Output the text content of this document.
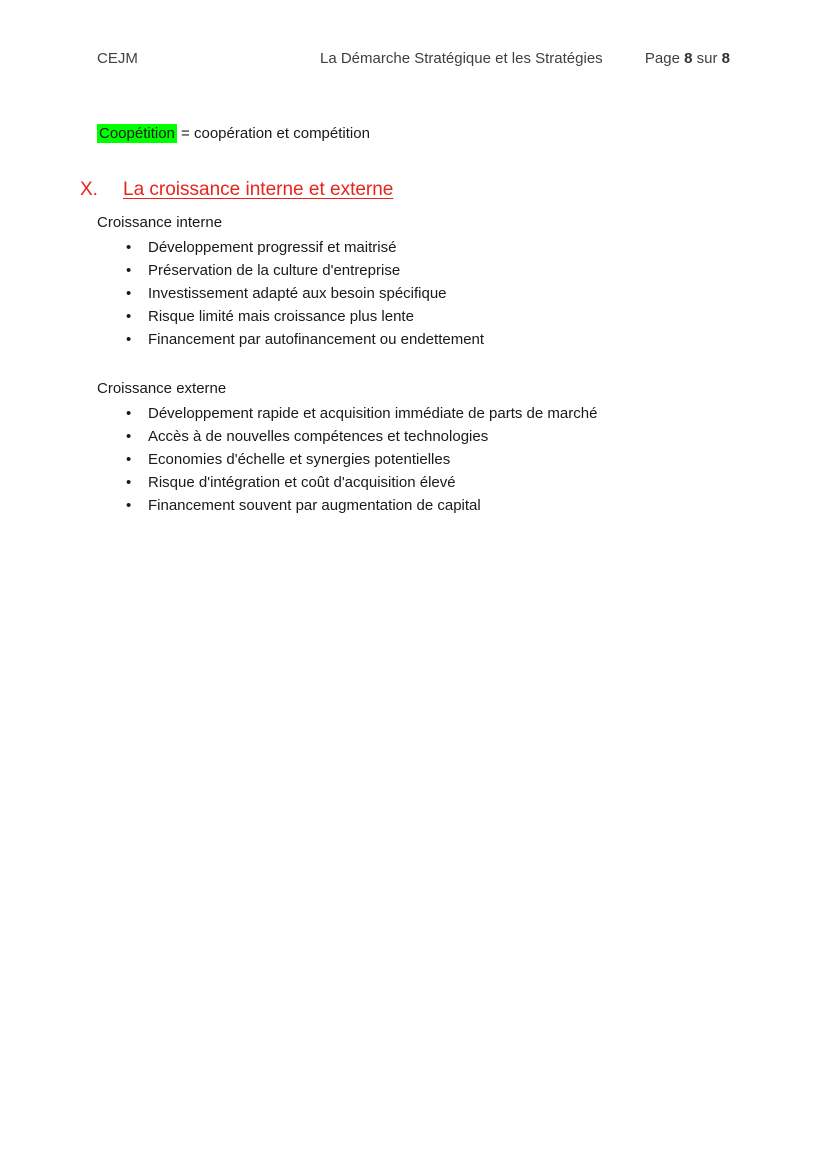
CEJM	La Démarche Stratégique et les Stratégies	Page 8 sur 8

Coopétition = coopération et compétition

X. La croissance interne et externe
Croissance interne
• Développement progressif et maitrisé
• Préservation de la culture d'entreprise
• Investissement adapté aux besoin spécifique
• Risque limité mais croissance plus lente
• Financement par autofinancement ou endettement
Croissance externe
• Développement rapide et acquisition immédiate de parts de marché
• Accès à de nouvelles compétences et technologies
• Economies d'échelle et synergies potentielles
• Risque d'intégration et coût d'acquisition élevé
• Financement souvent par augmentation de capital
